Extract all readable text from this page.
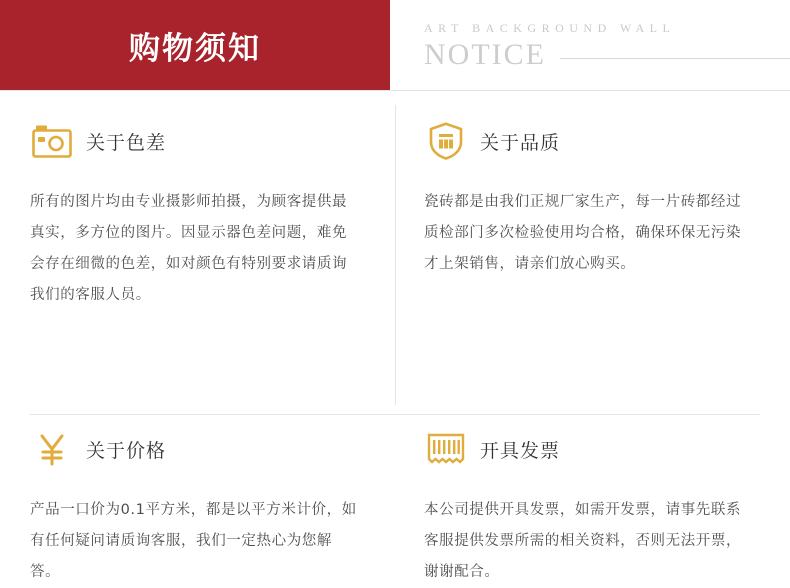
购物须知
ART BACKGROUND WALL
NOTICE
关于色差
所有的图片均由专业摄影师拍摄，为顾客提供最真实，多方位的图片。因显示器色差问题，难免会存在细微的色差，如对颜色有特别要求请质询我们的客服人员。
关于品质
瓷砖都是由我们正规厂家生产，每一片砖都经过质检部门多次检验使用均合格，确保环保无污染才上架销售，请亲们放心购买。
关于价格
产品一口价为0.1平方米，都是以平方米计价，如有任何疑问请质询客服，我们一定热心为您解答。
开具发票
本公司提供开具发票，如需开发票，请事先联系客服提供发票所需的相关资料，否则无法开票，谢谢配合。
